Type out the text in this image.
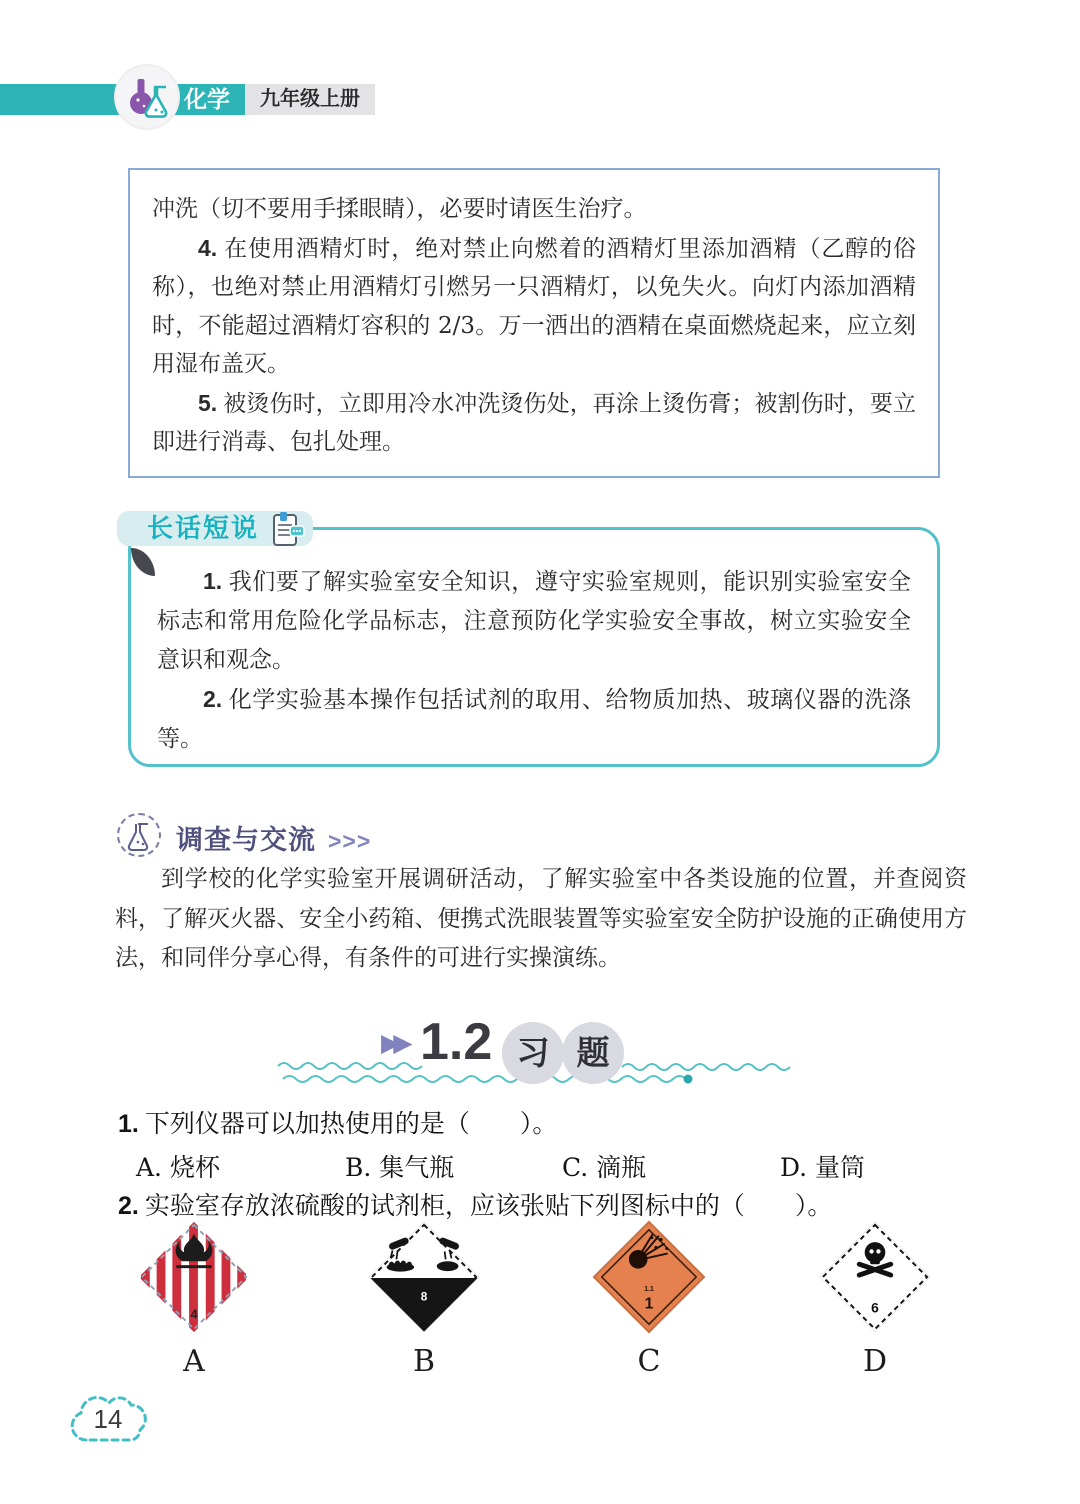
九年级上册
化学

冲洗（切不要用手揉眼睛），必要时请医生治疗。

4. 在使用酒精灯时，绝对禁止向燃着的酒精灯里添加酒精（乙醇的俗称），也绝对禁止用酒精灯引燃另一只酒精灯，以免失火。向灯内添加酒精时，不能超过酒精灯容积的 2/3。万一洒出的酒精在桌面燃烧起来，应立刻用湿布盖灭。

5. 被烫伤时，立即用冷水冲洗烫伤处，再涂上烫伤膏；被割伤时，要立即进行消毒、包扎处理。

长话短说

1. 我们要了解实验室安全知识，遵守实验室规则，能识别实验室安全标志和常用危险化学品标志，注意预防化学实验安全事故，树立实验安全意识和观念。

2. 化学实验基本操作包括试剂的取用、给物质加热、玻璃仪器的洗涤等。

调查与交流 >>>

到学校的化学实验室开展调研活动，了解实验室中各类设施的位置，并查阅资料，了解灭火器、安全小药箱、便携式洗眼装置等实验室安全防护设施的正确使用方法，和同伴分享心得，有条件的可进行实操演练。

▶▶ 1.2 习 题
1. 下列仪器可以加热使用的是（　　）。
A. 烧杯	B. 集气瓶	C. 滴瓶	D. 量筒
2. 实验室存放浓硫酸的试剂柜，应该张贴下列图标中的（　　）。
4
A
8
B
1.1
1
C
6
D
14
